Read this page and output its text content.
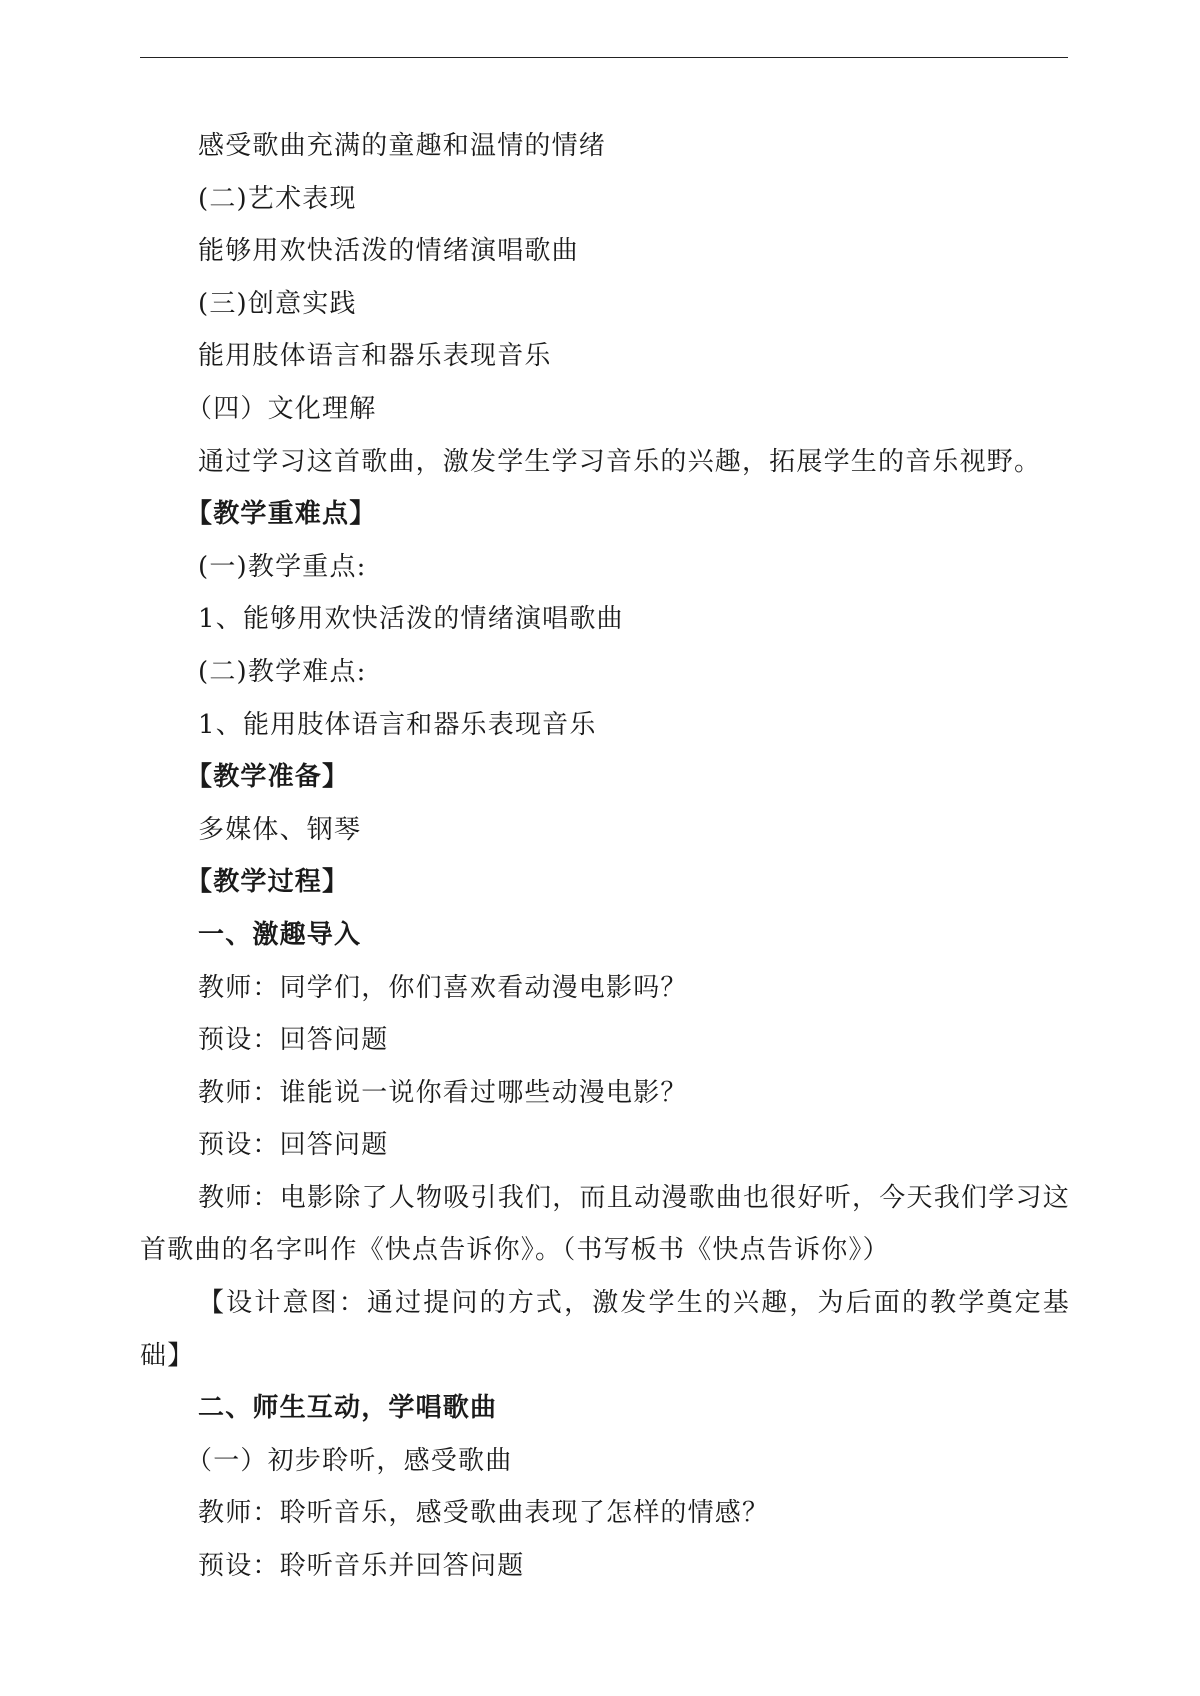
感受歌曲充满的童趣和温情的情绪
(二)艺术表现
能够用欢快活泼的情绪演唱歌曲
(三)创意实践
能用肢体语言和器乐表现音乐
（四）文化理解
通过学习这首歌曲，激发学生学习音乐的兴趣，拓展学生的音乐视野。
【教学重难点】
(一)教学重点:
1、能够用欢快活泼的情绪演唱歌曲
(二)教学难点:
1、能用肢体语言和器乐表现音乐
【教学准备】
多媒体、钢琴
【教学过程】
一、激趣导入
教师：同学们，你们喜欢看动漫电影吗？
预设：回答问题
教师：谁能说一说你看过哪些动漫电影？
预设：回答问题
教师：电影除了人物吸引我们，而且动漫歌曲也很好听，今天我们学习这首歌曲的名字叫作《快点告诉你》。（书写板书《快点告诉你》）
【设计意图：通过提问的方式，激发学生的兴趣，为后面的教学奠定基础】
二、师生互动，学唱歌曲
（一）初步聆听，感受歌曲
教师：聆听音乐，感受歌曲表现了怎样的情感？
预设：聆听音乐并回答问题
